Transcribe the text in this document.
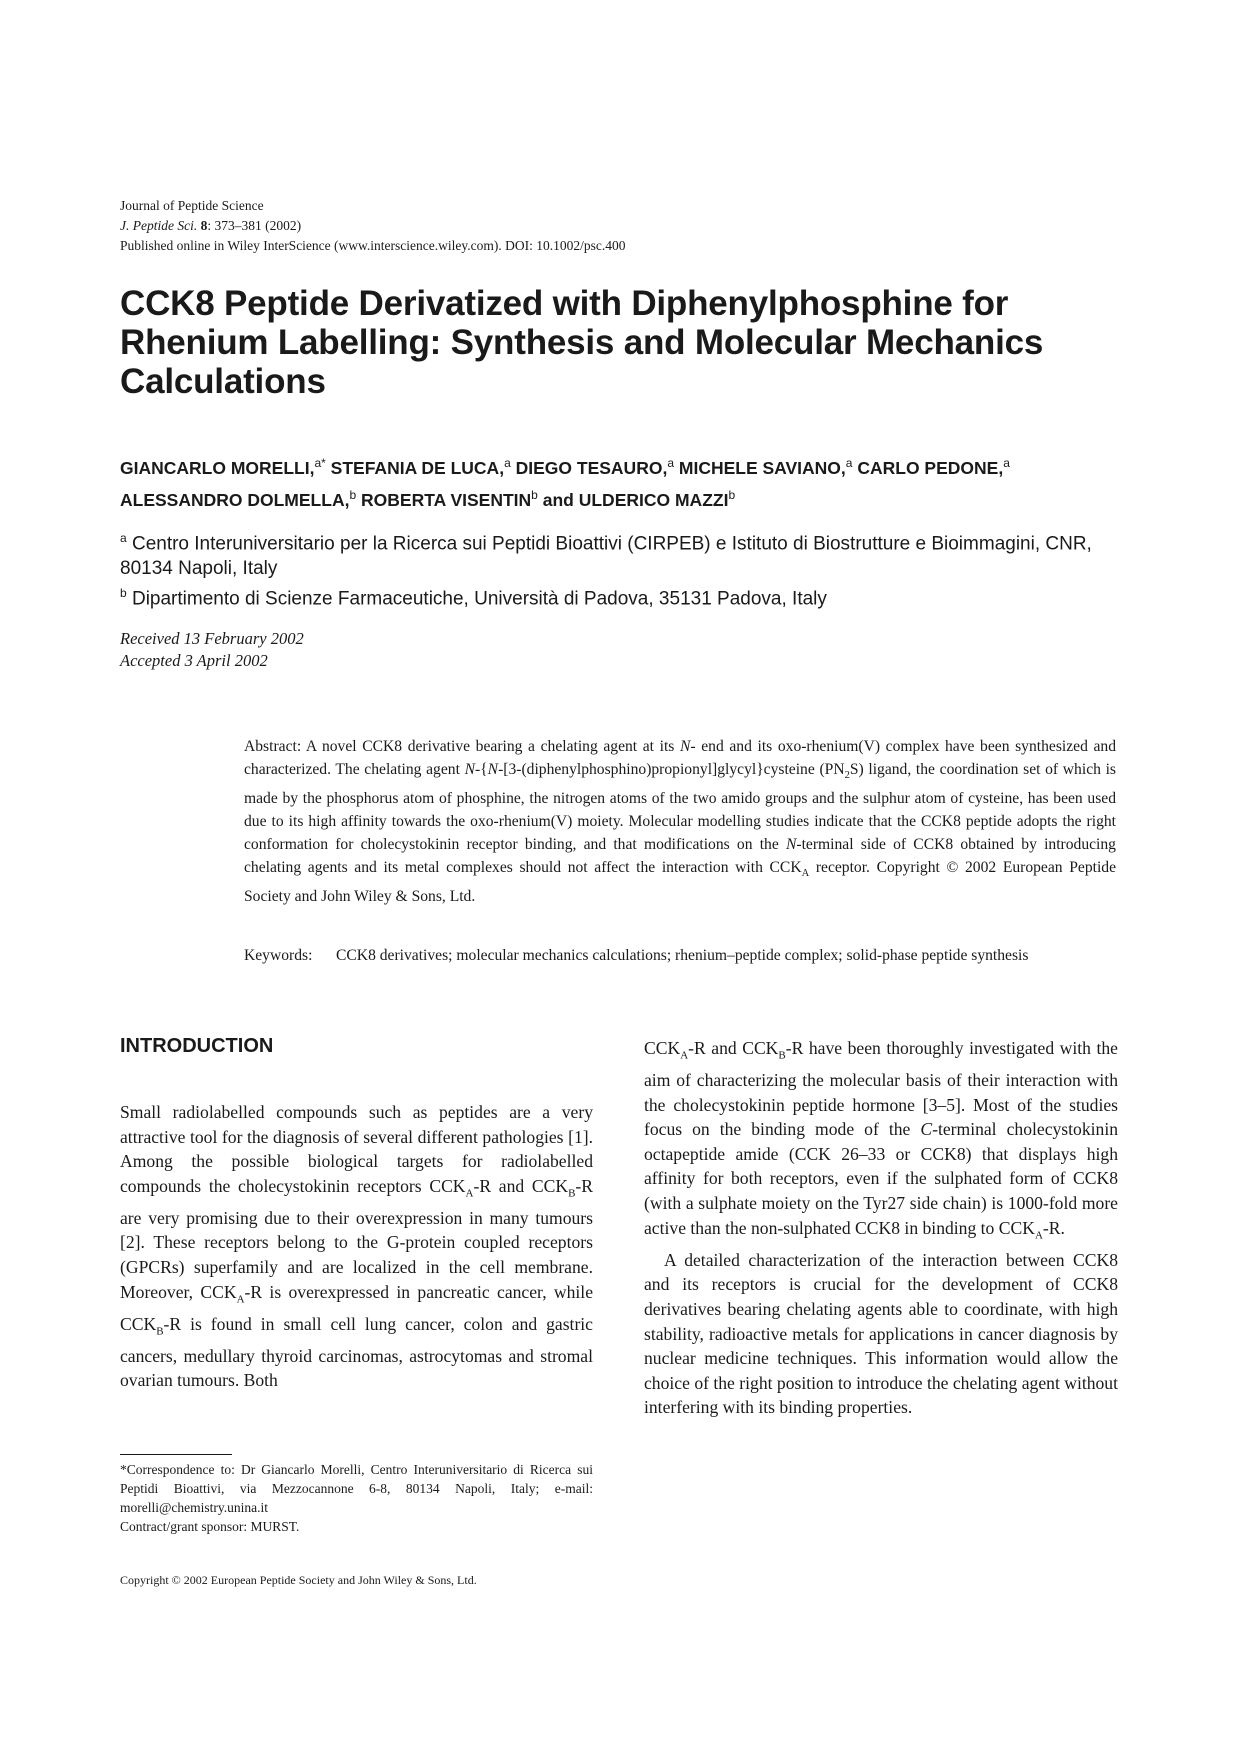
Journal of Peptide Science
J. Peptide Sci. 8: 373–381 (2002)
Published online in Wiley InterScience (www.interscience.wiley.com). DOI: 10.1002/psc.400
CCK8 Peptide Derivatized with Diphenylphosphine for Rhenium Labelling: Synthesis and Molecular Mechanics Calculations
GIANCARLO MORELLI,$^{a*}$ STEFANIA DE LUCA,$^a$ DIEGO TESAURO,$^a$ MICHELE SAVIANO,$^a$ CARLO PEDONE,$^a$
ALESSANDRO DOLMELLA,$^b$ ROBERTA VISENTIN$^b$ and ULDERICO MAZZI$^b$
$^a$ Centro Interuniversitario per la Ricerca sui Peptidi Bioattivi (CIRPEB) e Istituto di Biostrutture e Bioimmagini, CNR, 80134 Napoli, Italy
$^b$ Dipartimento di Scienze Farmaceutiche, Università di Padova, 35131 Padova, Italy
Received 13 February 2002
Accepted 3 April 2002
Abstract: A novel CCK8 derivative bearing a chelating agent at its N- end and its oxo-rhenium(V) complex have been synthesized and characterized. The chelating agent N-{N-[3-(diphenylphosphino)propionyl]glycyl}cysteine $(PN_2S)$ ligand, the coordination set of which is made by the phosphorus atom of phosphine, the nitrogen atoms of the two amido groups and the sulphur atom of cysteine, has been used due to its high affinity towards the oxo-rhenium(V) moiety. Molecular modelling studies indicate that the CCK8 peptide adopts the right conformation for cholecystokinin receptor binding, and that modifications on the N-terminal side of CCK8 obtained by introducing chelating agents and its metal complexes should not affect the interaction with $CCK_A$ receptor. Copyright © 2002 European Peptide Society and John Wiley & Sons, Ltd.
Keywords:	CCK8 derivatives; molecular mechanics calculations; rhenium–peptide complex; solid-phase peptide synthesis
INTRODUCTION

Small radiolabelled compounds such as peptides are a very attractive tool for the diagnosis of several different pathologies [1]. Among the possible biological targets for radiolabelled compounds the cholecystokinin receptors $CCK_A-R$ and $CCK_B-R$ are very promising due to their overexpression in many tumours [2]. These receptors belong to the G-protein coupled receptors (GPCRs) superfamily and are localized in the cell membrane. Moreover, $CCK_A-R$ is overexpressed in pancreatic cancer, while $CCK_B-R$ is found in small cell lung cancer, colon and gastric cancers, medullary thyroid carcinomas, astrocytomas and stromal ovarian tumours. Both

$CCK_A-R$ and $CCK_B-R$ have been thoroughly investigated with the aim of characterizing the molecular basis of their interaction with the cholecystokinin peptide hormone [3–5]. Most of the studies focus on the binding mode of the C-terminal cholecystokinin octapeptide amide (CCK 26–33 or CCK8) that displays high affinity for both receptors, even if the sulphated form of CCK8 (with a sulphate moiety on the Tyr27 side chain) is 1000-fold more active than the non-sulphated CCK8 in binding to $CCK_A-R$.

A detailed characterization of the interaction between CCK8 and its receptors is crucial for the development of CCK8 derivatives bearing chelating agents able to coordinate, with high stability, radioactive metals for applications in cancer diagnosis by nuclear medicine techniques. This information would allow the choice of the right position to introduce the chelating agent without interfering with its binding properties.

*Correspondence to: Dr Giancarlo Morelli, Centro Interuniversitario di Ricerca sui Peptidi Bioattivi, via Mezzocannone 6-8, 80134 Napoli, Italy; e-mail: morelli@chemistry.unina.it
Contract/grant sponsor: MURST.
Copyright © 2002 European Peptide Society and John Wiley & Sons, Ltd.
